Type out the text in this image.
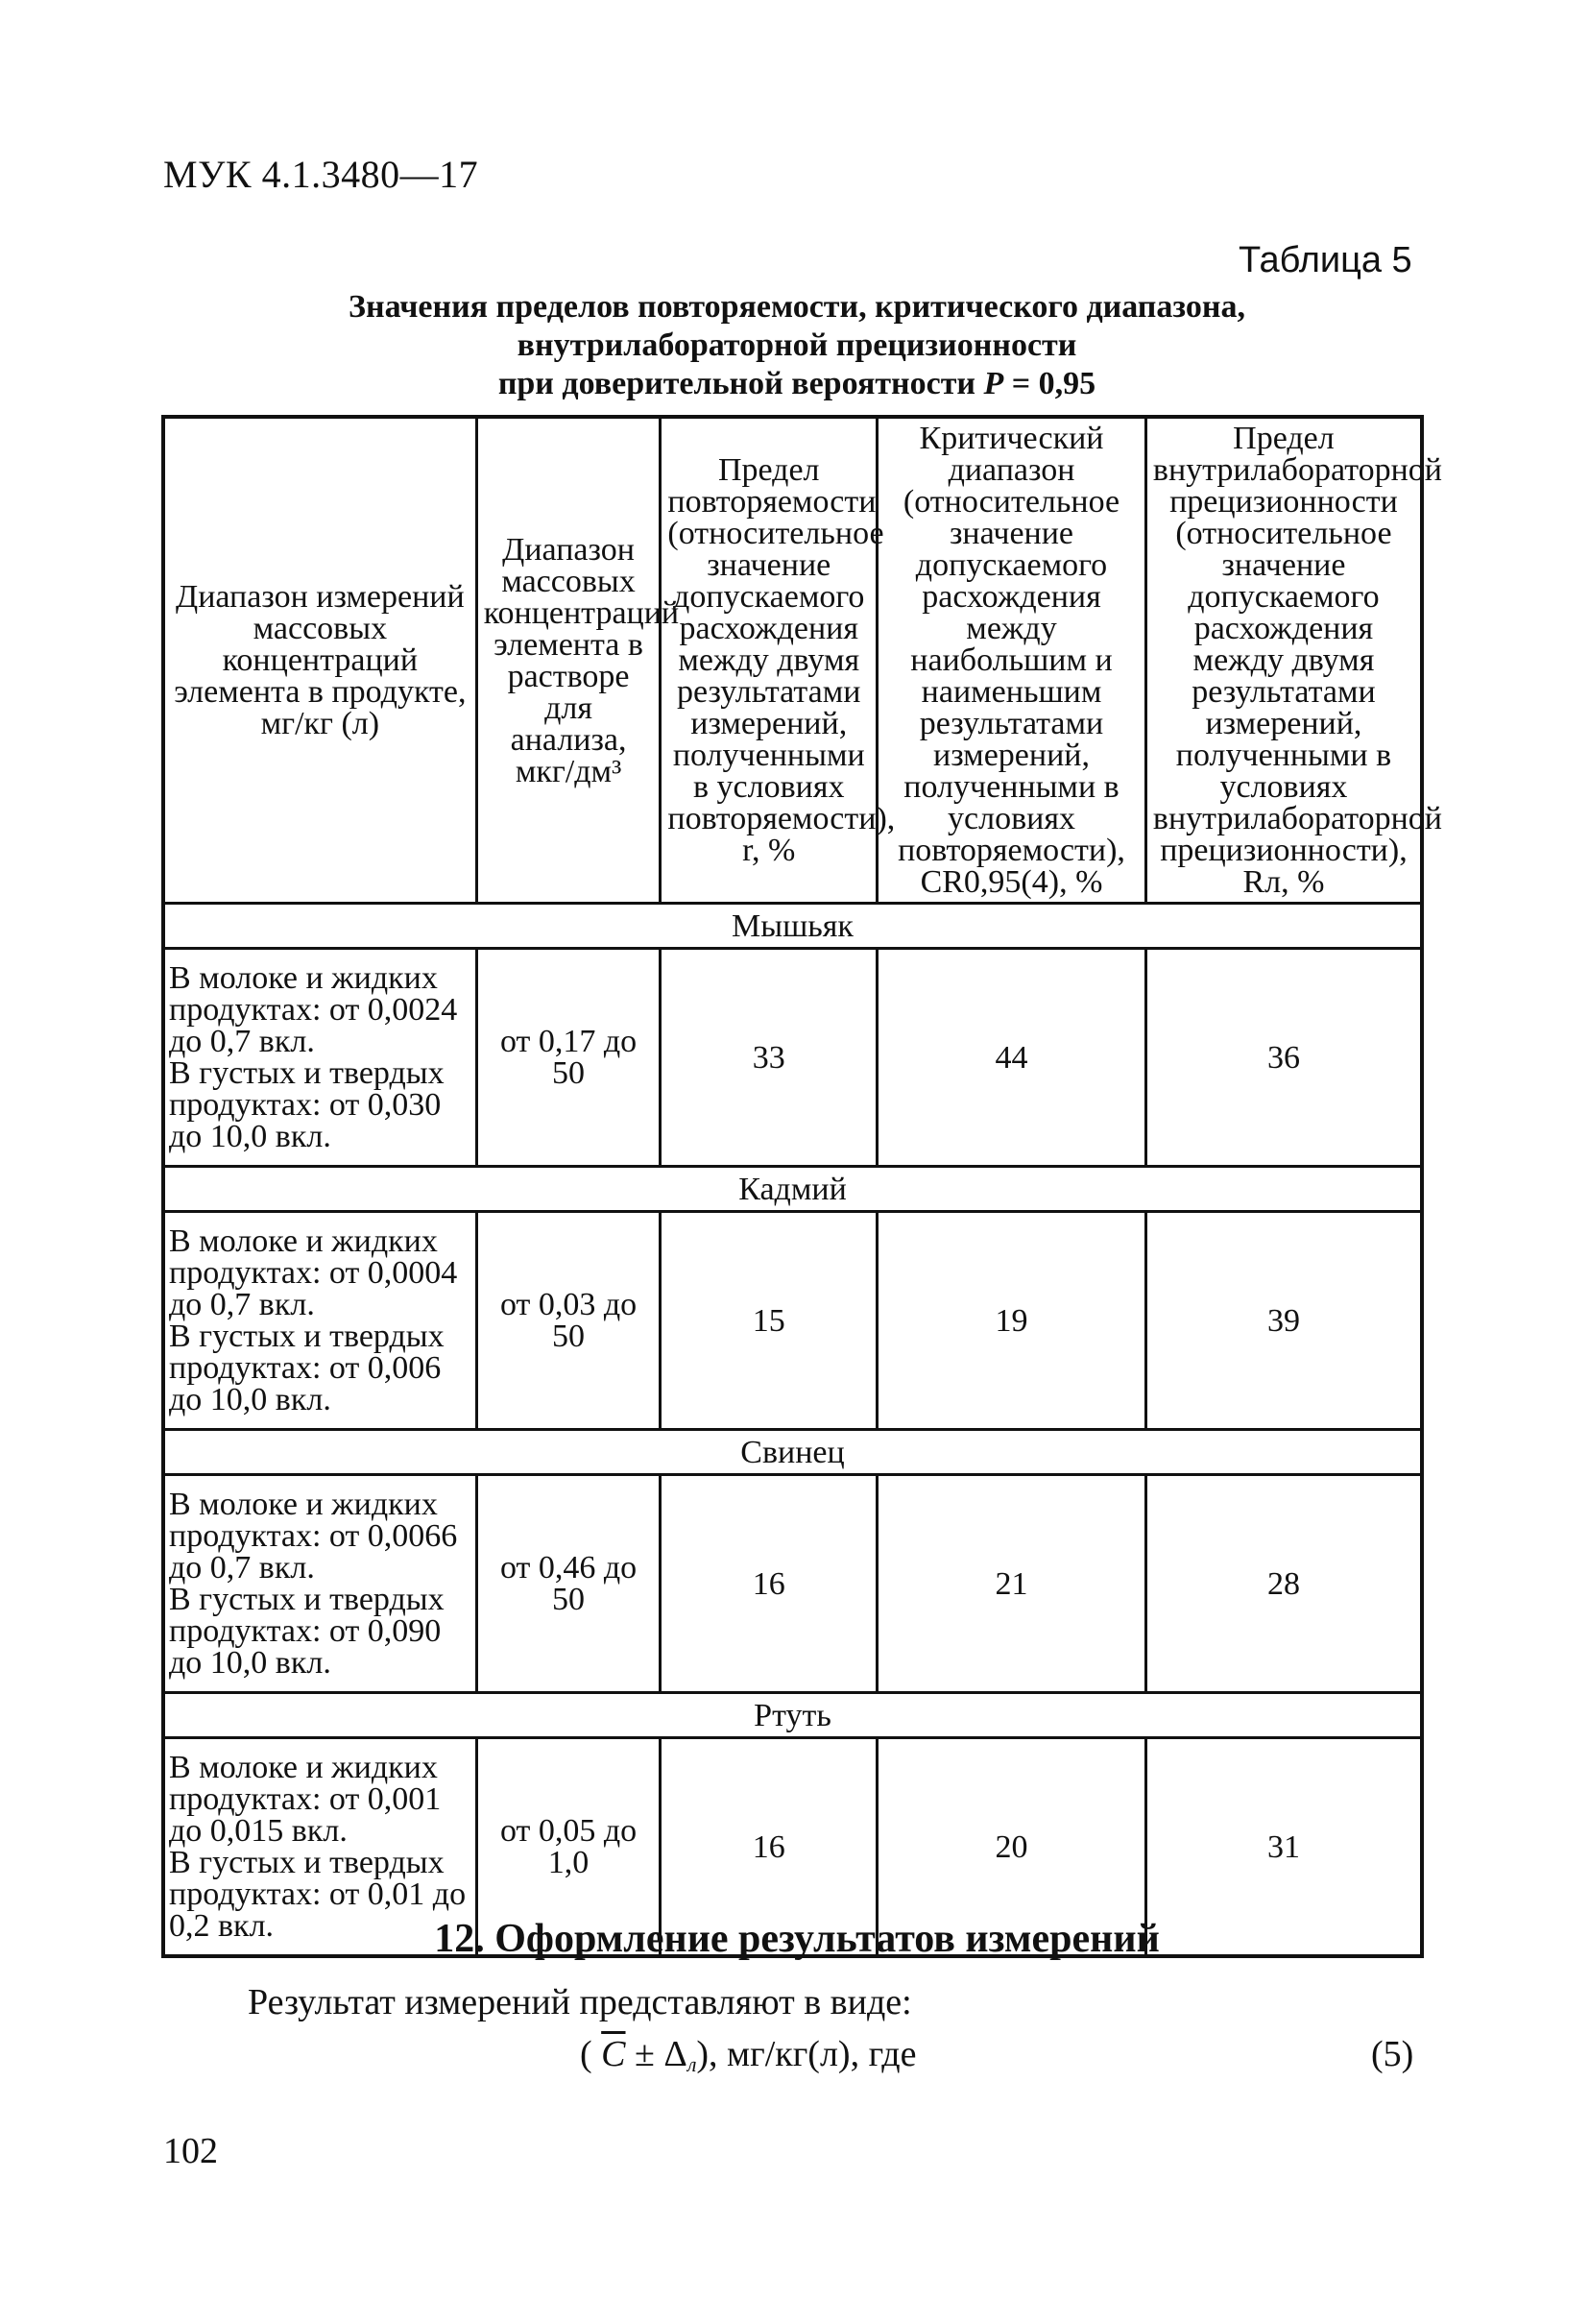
МУК 4.1.3480—17
Таблица 5
Значения пределов повторяемости, критического диапазона,
внутрилабораторной прецизионности
при доверительной вероятности P = 0,95
Диапазон измерений массовых концентраций элемента в продукте, мг/кг (л)	Диапазон массовых концентраций элемента в растворе для анализа, мкг/дм³	Предел повторяемости (относительное значение допускаемого расхождения между двумя результатами измерений, полученными в условиях повторяемости), r, %	Критический диапазон (относительное значение допускаемого расхождения между наибольшим и наименьшим результатами измерений, полученными в условиях повторяемости), CR0,95(4), %	Предел внутрилабораторной прецизионности (относительное значение допускаемого расхождения между двумя результатами измерений, полученными в условиях внутрилабораторной прецизионности), Rл, %
Мышьяк				

В молоке и жидких продуктах: от 0,0024 до 0,7 вкл.
В густых и твердых продуктах: от 0,030 до 10,0 вкл.	от 0,17 до 50	33	44	36
Кадмий				

В молоке и жидких продуктах: от 0,0004 до 0,7 вкл.
В густых и твердых продуктах: от 0,006 до 10,0 вкл.	от 0,03 до 50	15	19	39
Свинец				

В молоке и жидких продуктах: от 0,0066 до 0,7 вкл.
В густых и твердых продуктах: от 0,090 до 10,0 вкл.	от 0,46 до 50	16	21	28
Ртуть				

В молоке и жидких продуктах: от 0,001 до 0,015 вкл.
В густых и твердых продуктах: от 0,01 до 0,2 вкл.	от 0,05 до 1,0	16	20	31
12. Оформление результатов измерений
Результат измерений представляют в виде:
( $\overline{C} \pm \Delta_л$), мг/кг(л), где	(5)
102
